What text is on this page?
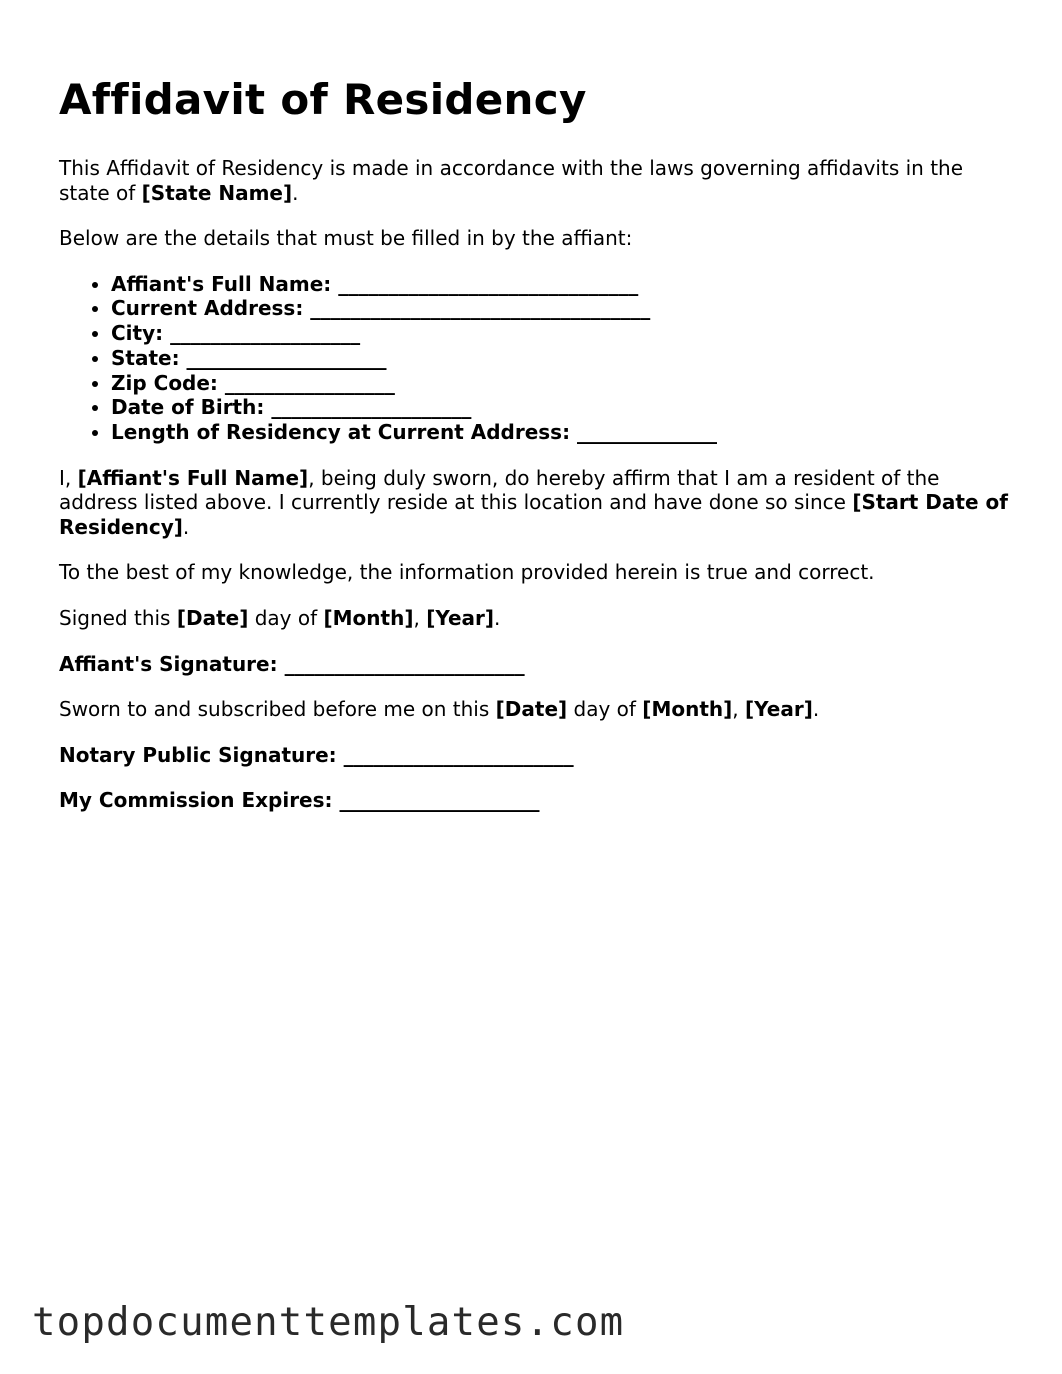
Affidavit of Residency

This Affidavit of Residency is made in accordance with the laws governing affidavits in the state of [State Name].

Below are the details that must be filled in by the affiant:

• Affiant's Full Name: ______________________________
• Current Address: __________________________________
• City: ___________________
• State: ____________________
• Zip Code: _________________
• Date of Birth: ____________________
• Length of Residency at Current Address: ______________

I, [Affiant's Full Name], being duly sworn, do hereby affirm that I am a resident of the address listed above. I currently reside at this location and have done so since [Start Date of Residency].

To the best of my knowledge, the information provided herein is true and correct.

Signed this [Date] day of [Month], [Year].

Affiant's Signature: ________________________

Sworn to and subscribed before me on this [Date] day of [Month], [Year].

Notary Public Signature: _______________________

My Commission Expires: ____________________

topdocumenttemplates.com
